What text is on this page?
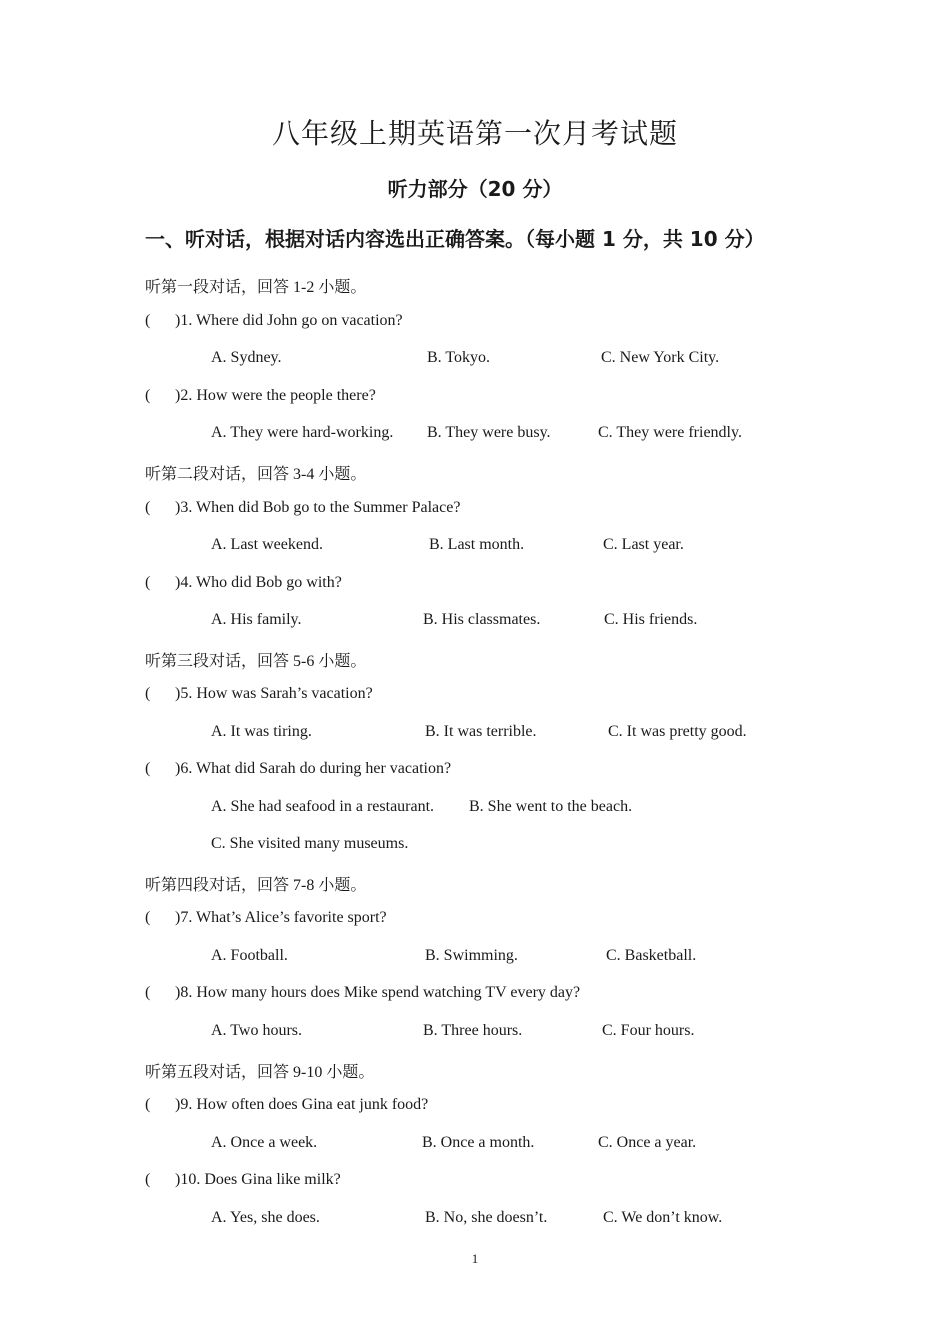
八年级上期英语第一次月考试题
听力部分（20 分）
一、听对话，根据对话内容选出正确答案。（每小题 1 分，共 10 分）
听第一段对话，回答 1-2 小题。
( )1. Where did John go on vacation?
A. Sydney.	B. Tokyo.	C. New York City.
( )2. How were the people there?
A. They were hard-working. B. They were busy.	C. They were friendly.
听第二段对话，回答 3-4 小题。
( )3. When did Bob go to the Summer Palace?
A. Last weekend.	B. Last month.	C. Last year.
( )4. Who did Bob go with?
A. His family.	B. His classmates.	C. His friends.
听第三段对话，回答 5-6 小题。
( )5. How was Sarah’s vacation?
A. It was tiring.	B. It was terrible.	C. It was pretty good.
( )6. What did Sarah do during her vacation?
A. She had seafood in a restaurant. B. She went to the beach.
C. She visited many museums.
听第四段对话，回答 7-8 小题。
( )7. What’s Alice’s favorite sport?
A. Football.	B. Swimming.	C. Basketball.
( )8. How many hours does Mike spend watching TV every day?
A. Two hours.	B. Three hours.	C. Four hours.
听第五段对话，回答 9-10 小题。
( )9. How often does Gina eat junk food?
A. Once a week.	B. Once a month.	C. Once a year.
( )10. Does Gina like milk?
A. Yes, she does.	B. No, she doesn’t.	C. We don’t know.
1
